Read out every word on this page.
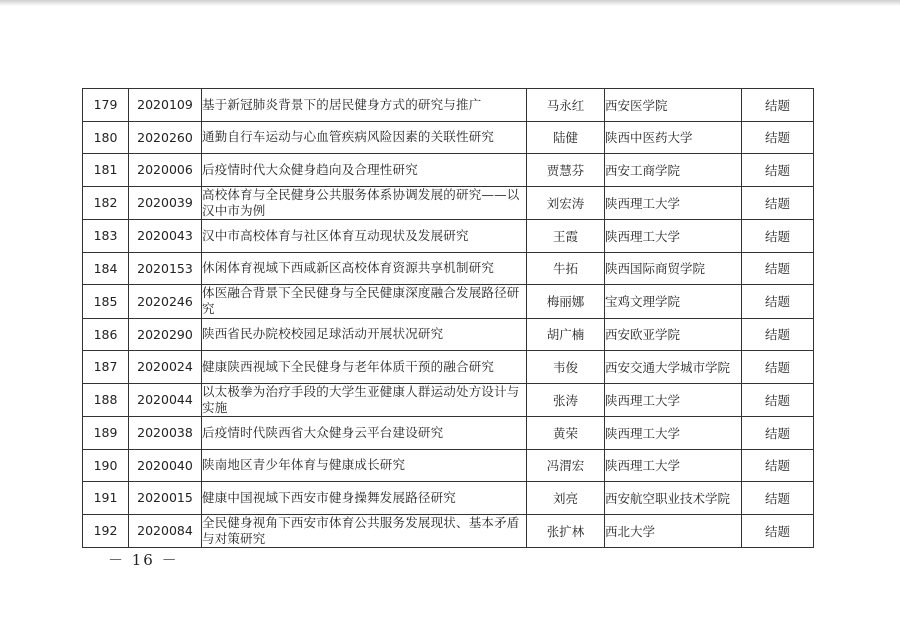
179	2020109	基于新冠肺炎背景下的居民健身方式的研究与推广	马永红	西安医学院	结题
180	2020260	通勤自行车运动与心血管疾病风险因素的关联性研究	陆健	陕西中医药大学	结题
181	2020006	后疫情时代大众健身趋向及合理性研究	贾慧芬	西安工商学院	结题
182	2020039	高校体育与全民健身公共服务体系协调发展的研究——以汉中市为例	刘宏涛	陕西理工大学	结题
183	2020043	汉中市高校体育与社区体育互动现状及发展研究	王霞	陕西理工大学	结题
184	2020153	休闲体育视域下西咸新区高校体育资源共享机制研究	牛拓	陕西国际商贸学院	结题
185	2020246	体医融合背景下全民健身与全民健康深度融合发展路径研究	梅丽娜	宝鸡文理学院	结题
186	2020290	陕西省民办院校校园足球活动开展状况研究	胡广楠	西安欧亚学院	结题
187	2020024	健康陕西视域下全民健身与老年体质干预的融合研究	韦俊	西安交通大学城市学院	结题
188	2020044	以太极拳为治疗手段的大学生亚健康人群运动处方设计与实施	张涛	陕西理工大学	结题
189	2020038	后疫情时代陕西省大众健身云平台建设研究	黄荣	陕西理工大学	结题
190	2020040	陕南地区青少年体育与健康成长研究	冯渭宏	陕西理工大学	结题
191	2020015	健康中国视域下西安市健身操舞发展路径研究	刘亮	西安航空职业技术学院	结题
192	2020084	全民健身视角下西安市体育公共服务发展现状、基本矛盾与对策研究	张扩林	西北大学	结题
－ 16 －
